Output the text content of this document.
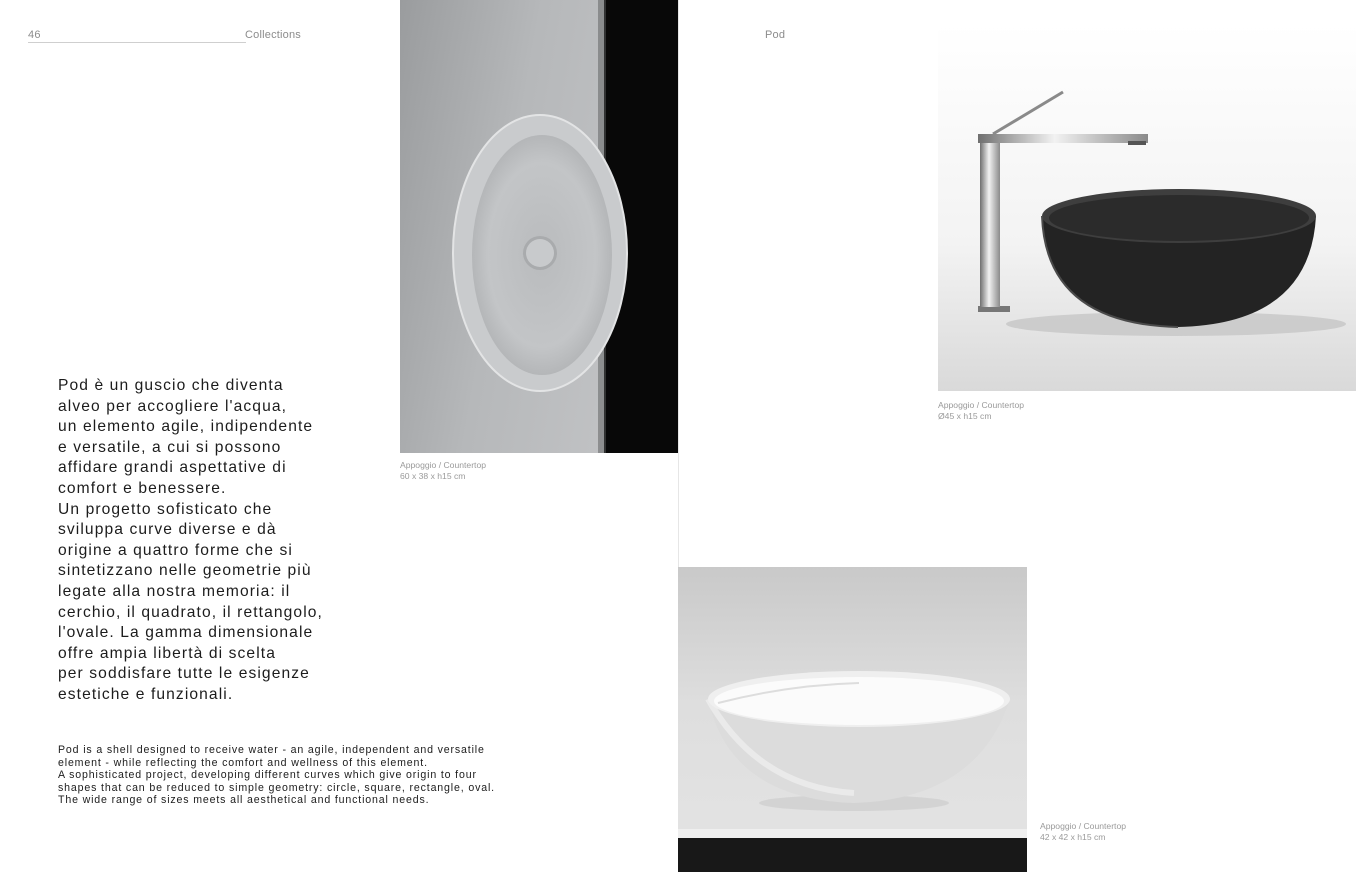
46	Collections	Pod
Pod è un guscio che diventa
alveo per accogliere l'acqua,
un elemento agile, indipendente
e versatile, a cui si possono
affidare grandi aspettative di
comfort e benessere.
Un progetto sofisticato che
sviluppa curve diverse e dà
origine a quattro forme che si
sintetizzano nelle geometrie più
legate alla nostra memoria: il
cerchio, il quadrato, il rettangolo,
l'ovale. La gamma dimensionale
offre ampia libertà di scelta
per soddisfare tutte le esigenze
estetiche e funzionali.
Pod is a shell designed to receive water - an agile, independent and versatile
element - while reflecting the comfort and wellness of this element.
A sophisticated project, developing different curves which give origin to four
shapes that can be reduced to simple geometry: circle, square, rectangle, oval.
The wide range of sizes meets all aesthetical and functional needs.
Appoggio / Countertop
60 x 38 x h15 cm
Appoggio / Countertop
Ø45 x h15 cm
Appoggio / Countertop
42 x 42 x h15 cm
